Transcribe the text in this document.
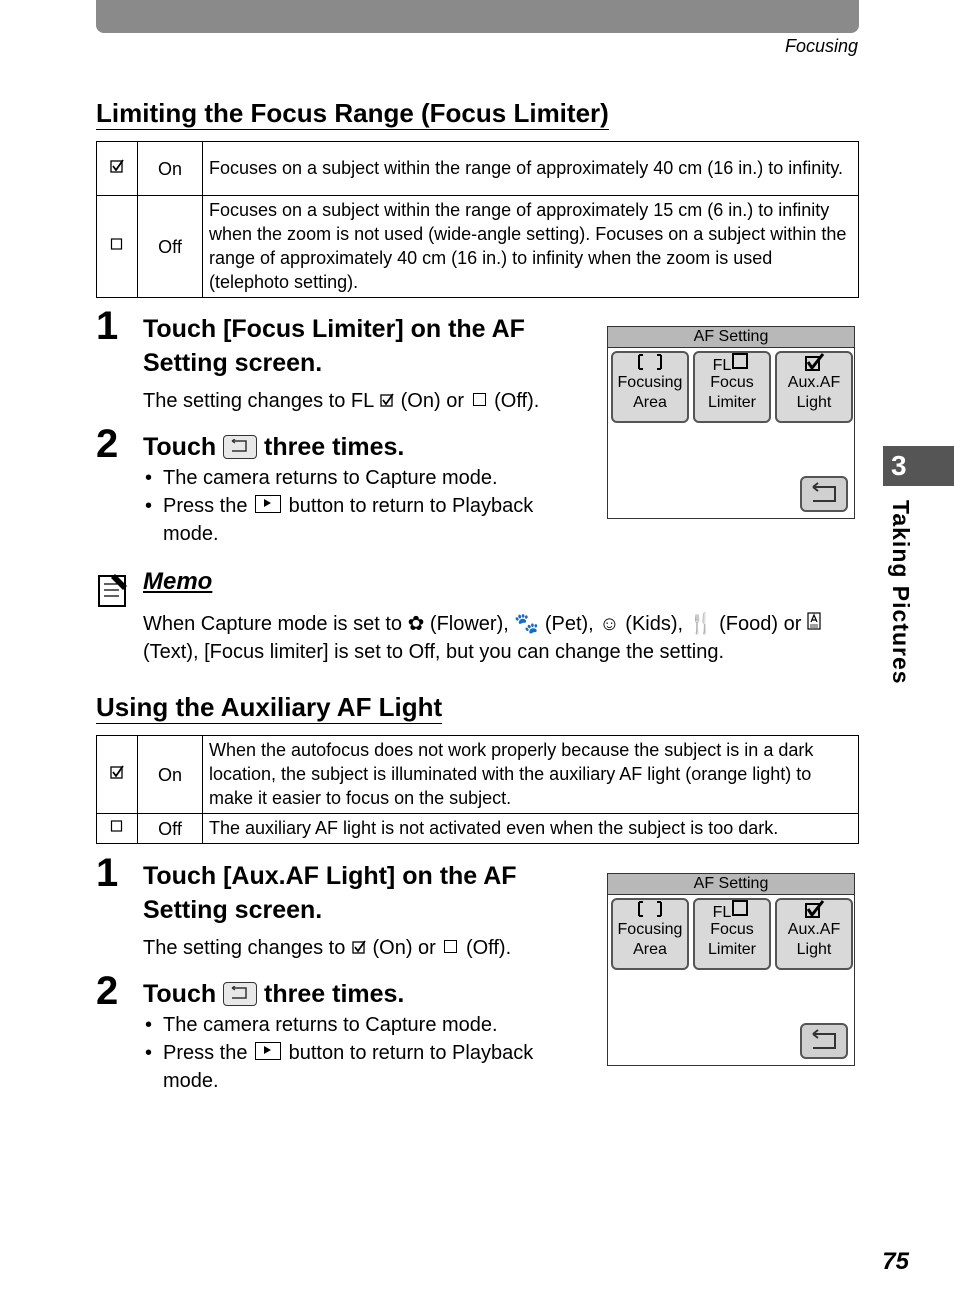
Focusing
Limiting the Focus Range (Focus Limiter)
	On	Focuses on a subject within the range of approximately 40 cm (16 in.) to infinity.
	Off	Focuses on a subject within the range of approximately 15 cm (6 in.) to infinity when the zoom is not used (wide-angle setting). Focuses on a subject within the range of approximately 40 cm (16 in.) to infinity when the zoom is used (telephoto setting).
1 Touch [Focus Limiter] on the AF Setting screen.
The setting changes to FL (On) or (Off).
2 Touch three times.
• The camera returns to Capture mode.
• Press the button to return to Playback mode.
AF Setting
Focusing
Area
FL
Focus
Limiter
Aux.AF
Light
Memo
When Capture mode is set to ✿ (Flower), 🐾 (Pet), ☺ (Kids), 🍴 (Food) or  (Text), [Focus limiter] is set to Off, but you can change the setting.
Using the Auxiliary AF Light
	On	When the autofocus does not work properly because the subject is in a dark location, the subject is illuminated with the auxiliary AF light (orange light) to make it easier to focus on the subject.
	Off	The auxiliary AF light is not activated even when the subject is too dark.
1 Touch [Aux.AF Light] on the AF Setting screen.
The setting changes to (On) or (Off).
2 Touch three times.
• The camera returns to Capture mode.
• Press the button to return to Playback mode.
AF Setting
Focusing
Area
FL
Focus
Limiter
Aux.AF
Light
3
Taking Pictures
75
